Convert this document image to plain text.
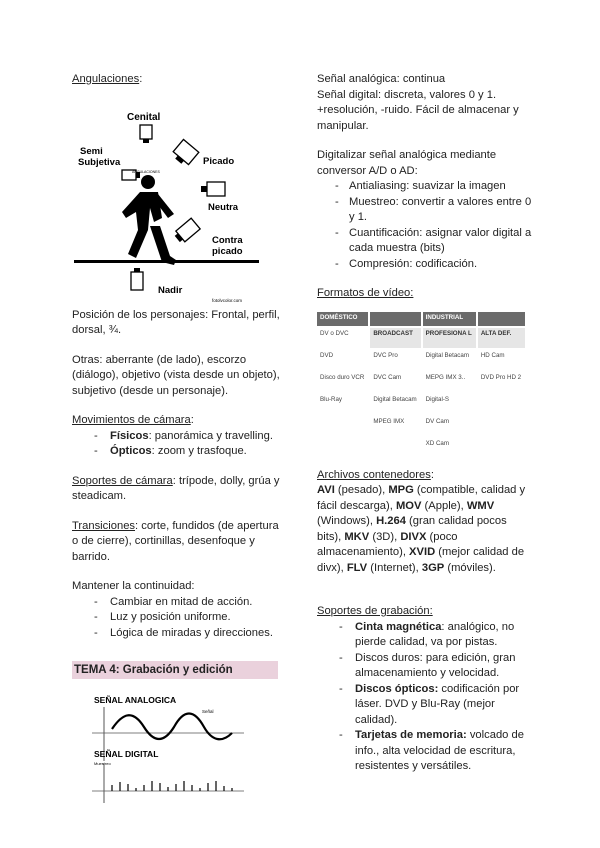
Angulaciones:

Cenital
Semi
Subjetiva	Picado
Neutra
ANGULACIONES
Contra
picado
Nadir
fotolycolor.com

Posición de los personajes: Frontal, perfil, dorsal, ¾.

Otras: aberrante (de lado), escorzo (diálogo), objetivo (vista desde un objeto), subjetivo (desde un personaje).

Movimientos de cámara:
- Físicos: panorámica y travelling.
- Ópticos: zoom y trasfoque.

Soportes de cámara: trípode, dolly, grúa y steadicam.

Transiciones: corte, fundidos (de apertura o de cierre), cortinillas, desenfoque y barrido.

Mantener la continuidad:
- Cambiar en mitad de acción.
- Luz y posición uniforme.
- Lógica de miradas y direcciones.
TEMA 4: Grabación y edición
SEÑAL ANALOGICA
Señal
SEÑAL DIGITAL
Muestreo
Señal analógica: continua

Señal digital: discreta, valores 0 y 1. +resolución, -ruido. Fácil de almacenar y manipular.

Digitalizar señal analógica mediante conversor A/D o AD:
- Antialiasing: suavizar la imagen
- Muestreo: convertir a valores entre 0 y 1.
- Cuantificación: asignar valor digital a cada muestra (bits)
- Compresión: codificación.
Formatos de vídeo:
DOMÉSTICO		INDUSTRIAL	
DV o DVC	BROADCAST	PROFESIONA L	ALTA DEF.
DVD	DVC Pro	Digital Betacam	HD Cam
Disco duro VCR	DVC Cam	MEPG IMX 3..	DVD Pro HD 2
Blu-Ray	Digital Betacam	Digital-S	
	MPEG IMX	DV Cam	
		XD Cam	

Archivos contenedores:
AVI (pesado), MPG (compatible, calidad y fácil descarga), MOV (Apple), WMV (Windows), H.264 (gran calidad pocos bits), MKV (3D), DIVX (poco almacenamiento), XVID (mejor calidad de divx), FLV (Internet), 3GP (móviles).

Soportes de grabación:
- Cinta magnética: analógico, no pierde calidad, va por pistas.
- Discos duros: para edición, gran almacenamiento y velocidad.
- Discos ópticos: codificación por láser. DVD y Blu-Ray (mejor calidad).
- Tarjetas de memoria: volcado de info., alta velocidad de escritura, resistentes y versátiles.
